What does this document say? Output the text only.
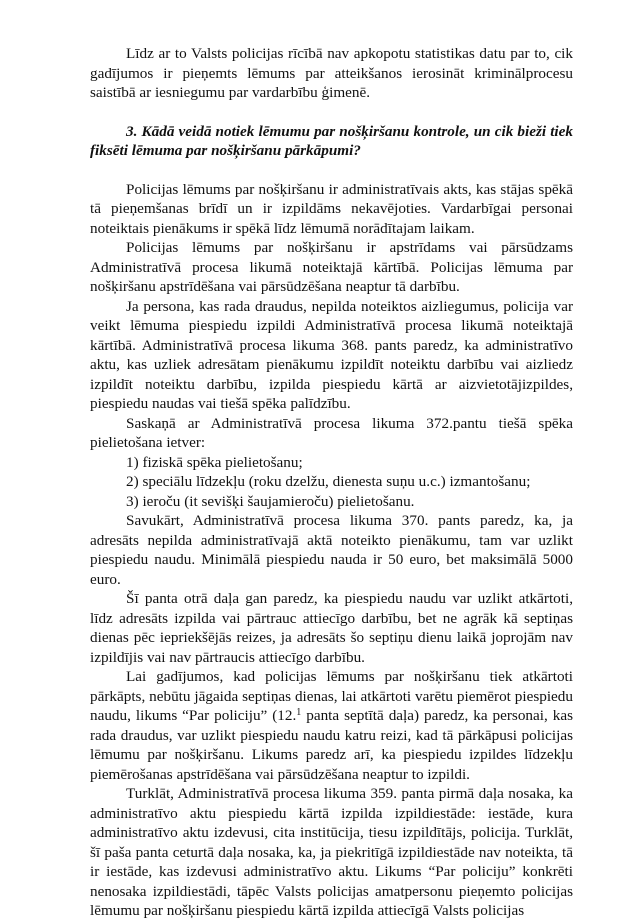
Līdz ar to Valsts policijas rīcībā nav apkopotu statistikas datu par to, cik gadījumos ir pieņemts lēmums par atteikšanos ierosināt kriminālprocesu saistībā ar iesniegumu par vardarbību ģimenē.

3. Kādā veidā notiek lēmumu par nošķiršanu kontrole, un cik bieži tiek fiksēti lēmuma par nošķiršanu pārkāpumi?

Policijas lēmums par nošķiršanu ir administratīvais akts, kas stājas spēkā tā pieņemšanas brīdī un ir izpildāms nekavējoties. Vardarbīgai personai noteiktais pienākums ir spēkā līdz lēmumā norādītajam laikam.

Policijas lēmums par nošķiršanu ir apstrīdams vai pārsūdzams Administratīvā procesa likumā noteiktajā kārtībā. Policijas lēmuma par nošķiršanu apstrīdēšana vai pārsūdzēšana neaptur tā darbību.

Ja persona, kas rada draudus, nepilda noteiktos aizliegumus, policija var veikt lēmuma piespiedu izpildi Administratīvā procesa likumā noteiktajā kārtībā. Administratīvā procesa likuma 368. pants paredz, ka administratīvo aktu, kas uzliek adresātam pienākumu izpildīt noteiktu darbību vai aizliedz izpildīt noteiktu darbību, izpilda piespiedu kārtā ar aizvietotājizpildes, piespiedu naudas vai tiešā spēka palīdzību.

Saskaņā ar Administratīvā procesa likuma 372.pantu tiešā spēka pielietošana ietver:

1) fiziskā spēka pielietošanu;

2) speciālu līdzekļu (roku dzelžu, dienesta suņu u.c.) izmantošanu;

3) ieroču (it sevišķi šaujamieroču) pielietošanu.

Savukārt, Administratīvā procesa likuma 370. pants paredz, ka, ja adresāts nepilda administratīvajā aktā noteikto pienākumu, tam var uzlikt piespiedu naudu. Minimālā piespiedu nauda ir 50 euro, bet maksimālā 5000 euro.

Šī panta otrā daļa gan paredz, ka piespiedu naudu var uzlikt atkārtoti, līdz adresāts izpilda vai pārtrauc attiecīgo darbību, bet ne agrāk kā septiņas dienas pēc iepriekšējās reizes, ja adresāts šo septiņu dienu laikā joprojām nav izpildījis vai nav pārtraucis attiecīgo darbību.

Lai gadījumos, kad policijas lēmums par nošķiršanu tiek atkārtoti pārkāpts, nebūtu jāgaida septiņas dienas, lai atkārtoti varētu piemērot piespiedu naudu, likums “Par policiju” (12.$^1$ panta septītā daļa) paredz, ka personai, kas rada draudus, var uzlikt piespiedu naudu katru reizi, kad tā pārkāpusi policijas lēmumu par nošķiršanu. Likums paredz arī, ka piespiedu izpildes līdzekļu piemērošanas apstrīdēšana vai pārsūdzēšana neaptur to izpildi.

Turklāt, Administratīvā procesa likuma 359. panta pirmā daļa nosaka, ka administratīvo aktu piespiedu kārtā izpilda izpildiestāde: iestāde, kura administratīvo aktu izdevusi, cita institūcija, tiesu izpildītājs, policija. Turklāt, šī paša panta ceturtā daļa nosaka, ka, ja piekritīgā izpildiestāde nav noteikta, tā ir iestāde, kas izdevusi administratīvo aktu. Likums “Par policiju” konkrēti nenosaka izpildiestādi, tāpēc Valsts policijas amatpersonu pieņemto policijas lēmumu par nošķiršanu piespiedu kārtā izpilda attiecīgā Valsts policijas
